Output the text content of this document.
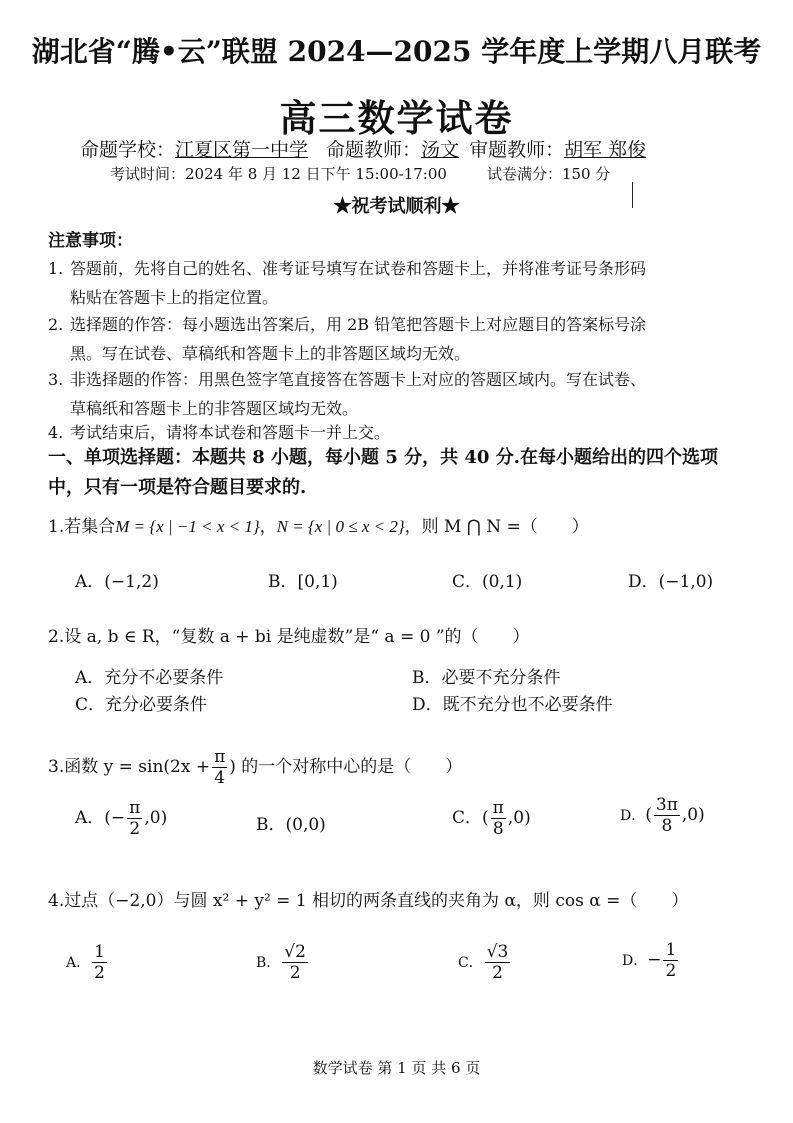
湖北省“腾•云”联盟 2024—2025 学年度上学期八月联考
高三数学试卷
命题学校：江夏区第一中学 命题教师：汤文 审题教师：胡军 郑俊
考试时间：2024 年 8 月 12 日下午 15:00-17:00	试卷满分：150 分
★祝考试顺利★
注意事项：
1. 答题前，先将自己的姓名、准考证号填写在试卷和答题卡上，并将准考证号条形码
粘贴在答题卡上的指定位置。
2. 选择题的作答：每小题选出答案后，用 2B 铅笔把答题卡上对应题目的答案标号涂
黑。写在试卷、草稿纸和答题卡上的非答题区域均无效。
3. 非选择题的作答：用黑色签字笔直接答在答题卡上对应的答题区域内。写在试卷、
草稿纸和答题卡上的非答题区域均无效。
4. 考试结束后，请将本试卷和答题卡一并上交。
一、单项选择题：本题共 8 小题，每小题 5 分，共 40 分.在每小题给出的四个选项中，只有一项是符合题目要求的.
1.若集合M = {x | −1 < x < 1}，N = {x | 0 ≤ x < 2}，则 M ⋂ N =（　　）
A．(−1,2)	B．[0,1)	C．(0,1)	D．(−1,0)
2.设 a, b ∈ R，“复数 a + bi 是纯虚数”是“ a = 0 ”的（　　）
A．充分不必要条件	B．必要不充分条件
C．充分必要条件	D．既不充分也不必要条件
3.函数 $y = \sin(2x + \frac{\pi}{4}$ ) 的一个对称中心的是（　　）
A．(− $\frac{\pi}{2} ,0$)	B．(0,0)	C．( $\frac{\pi}{8} ,0$)	D．( $\frac{3\pi}{8} ,0$)
4.过点（−2,0）与圆 x² + y² = 1 相切的两条直线的夹角为 α，则 cos α =（　　）
A． $\frac{1}{2}$	B． $\frac{√2}{2}$	C． $\frac{√3}{2}$	D．− $\frac{1}{2}$
数学试卷 第 1 页 共 6 页
